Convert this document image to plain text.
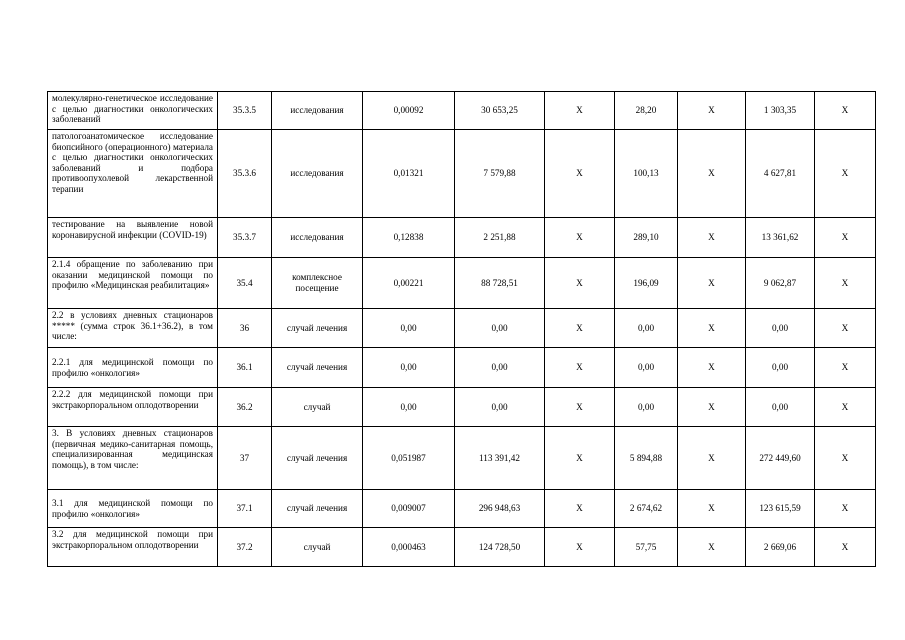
молекулярно-генетическое исследование с целью диагностики онкологических заболеваний	35.3.5	исследования	0,00092	30 653,25	X	28,20	X	1 303,35	X
патологоанатомическое исследование биопсийного (операционного) материала с целью диагностики онкологических заболеваний и подбора противоопухолевой лекарственной терапии	35.3.6	исследования	0,01321	7 579,88	X	100,13	X	4 627,81	X
тестирование на выявление новой коронавирусной инфекции (COVID-19)	35.3.7	исследования	0,12838	2 251,88	X	289,10	X	13 361,62	X
2.1.4 обращение по заболеванию при оказании медицинской помощи по профилю «Медицинская реабилитация»	35.4	комплексное посещение	0,00221	88 728,51	X	196,09	X	9 062,87	X
2.2 в условиях дневных стационаров ***** (сумма строк 36.1+36.2), в том числе:	36	случай лечения	0,00	0,00	X	0,00	X	0,00	X
2.2.1 для медицинской помощи по профилю «онкология»	36.1	случай лечения	0,00	0,00	X	0,00	X	0,00	X
2.2.2 для медицинской помощи при экстракорпоральном оплодотворении	36.2	случай	0,00	0,00	X	0,00	X	0,00	X
3. В условиях дневных стационаров (первичная медико-санитарная помощь, специализированная медицинская помощь), в том числе:	37	случай лечения	0,051987	113 391,42	X	5 894,88	X	272 449,60	X
3.1 для медицинской помощи по профилю «онкология»	37.1	случай лечения	0,009007	296 948,63	X	2 674,62	X	123 615,59	X
3.2 для медицинской помощи при экстракорпоральном оплодотворении	37.2	случай	0,000463	124 728,50	X	57,75	X	2 669,06	X
